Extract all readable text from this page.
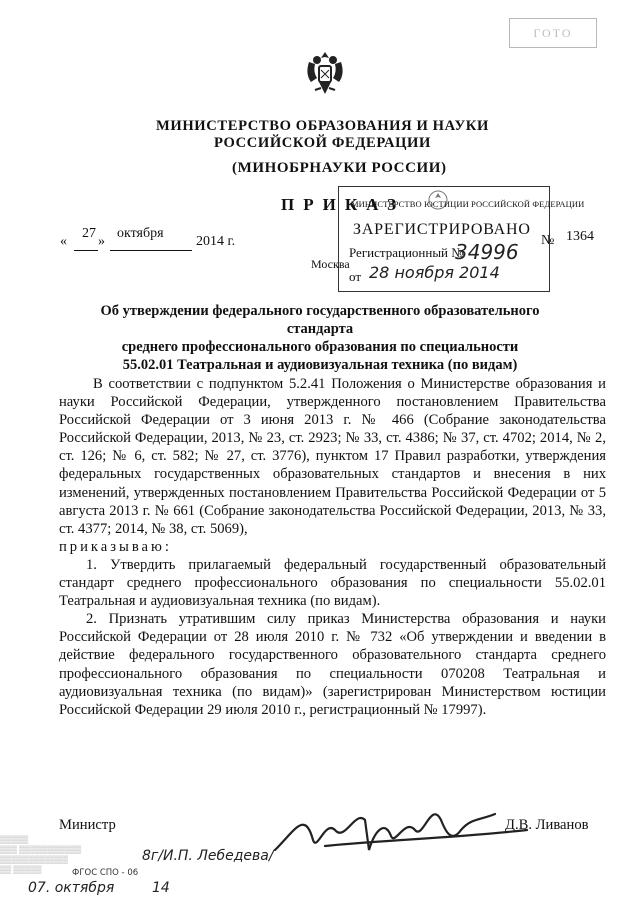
ГОТО
МИНИСТЕРСТВО ОБРАЗОВАНИЯ И НАУКИ
РОССИЙСКОЙ ФЕДЕРАЦИИ
(МИНОБРНАУКИ РОССИИ)
ПРИКАЗ
«
27
»
октября
2014 г.
Москва
МИНИСТЕРСТВО ЮСТИЦИИ РОССИЙСКОЙ ФЕДЕРАЦИИ
ЗАРЕГИСТРИРОВАНО
Регистрационный №
34996
от 28 ноября 2014
№ 1364
Об утверждении федерального государственного образовательного стандарта
среднего профессионального образования по специальности
55.02.01 Театральная и аудиовизуальная техника (по видам)

В соответствии с подпунктом 5.2.41 Положения о Министерстве образования и науки Российской Федерации, утвержденного постановлением Правительства Российской Федерации от 3 июня 2013 г. № 466 (Собрание законодательства Российской Федерации, 2013, № 23, ст. 2923; № 33, ст. 4386; № 37, ст. 4702; 2014, № 2, ст. 126; № 6, ст. 582; № 27, ст. 3776), пунктом 17 Правил разработки, утверждения федеральных государственных образовательных стандартов и внесения в них изменений, утвержденных постановлением Правительства Российской Федерации от 5 августа 2013 г. № 661 (Собрание законодательства Российской Федерации, 2013, № 33, ст. 4377; 2014, № 38, ст. 5069),

приказываю:

1. Утвердить прилагаемый федеральный государственный образовательный стандарт среднего профессионального образования по специальности 55.02.01 Театральная и аудиовизуальная техника (по видам).

2. Признать утратившим силу приказ Министерства образования и науки Российской Федерации от 28 июля 2010 г. № 732 «Об утверждении и введении в действие федерального государственного образовательного стандарта среднего профессионального образования по специальности 070208 Театральная и аудиовизуальная техника (по видам)» (зарегистрирован Министерством юстиции Российской Федерации 29 июля 2010 г., регистрационный № 17997).

Министр	Д.В. Ливанов
▒▒▒▒▒
▒▒▒ ▒▒▒▒▒▒▒▒▒▒▒
▒▒▒▒▒▒▒▒▒▒▒▒
▒▒ ▒▒▒▒▒	ФГОС СПО - 06
8г/И.П. Лебедева/
07. октября	14
